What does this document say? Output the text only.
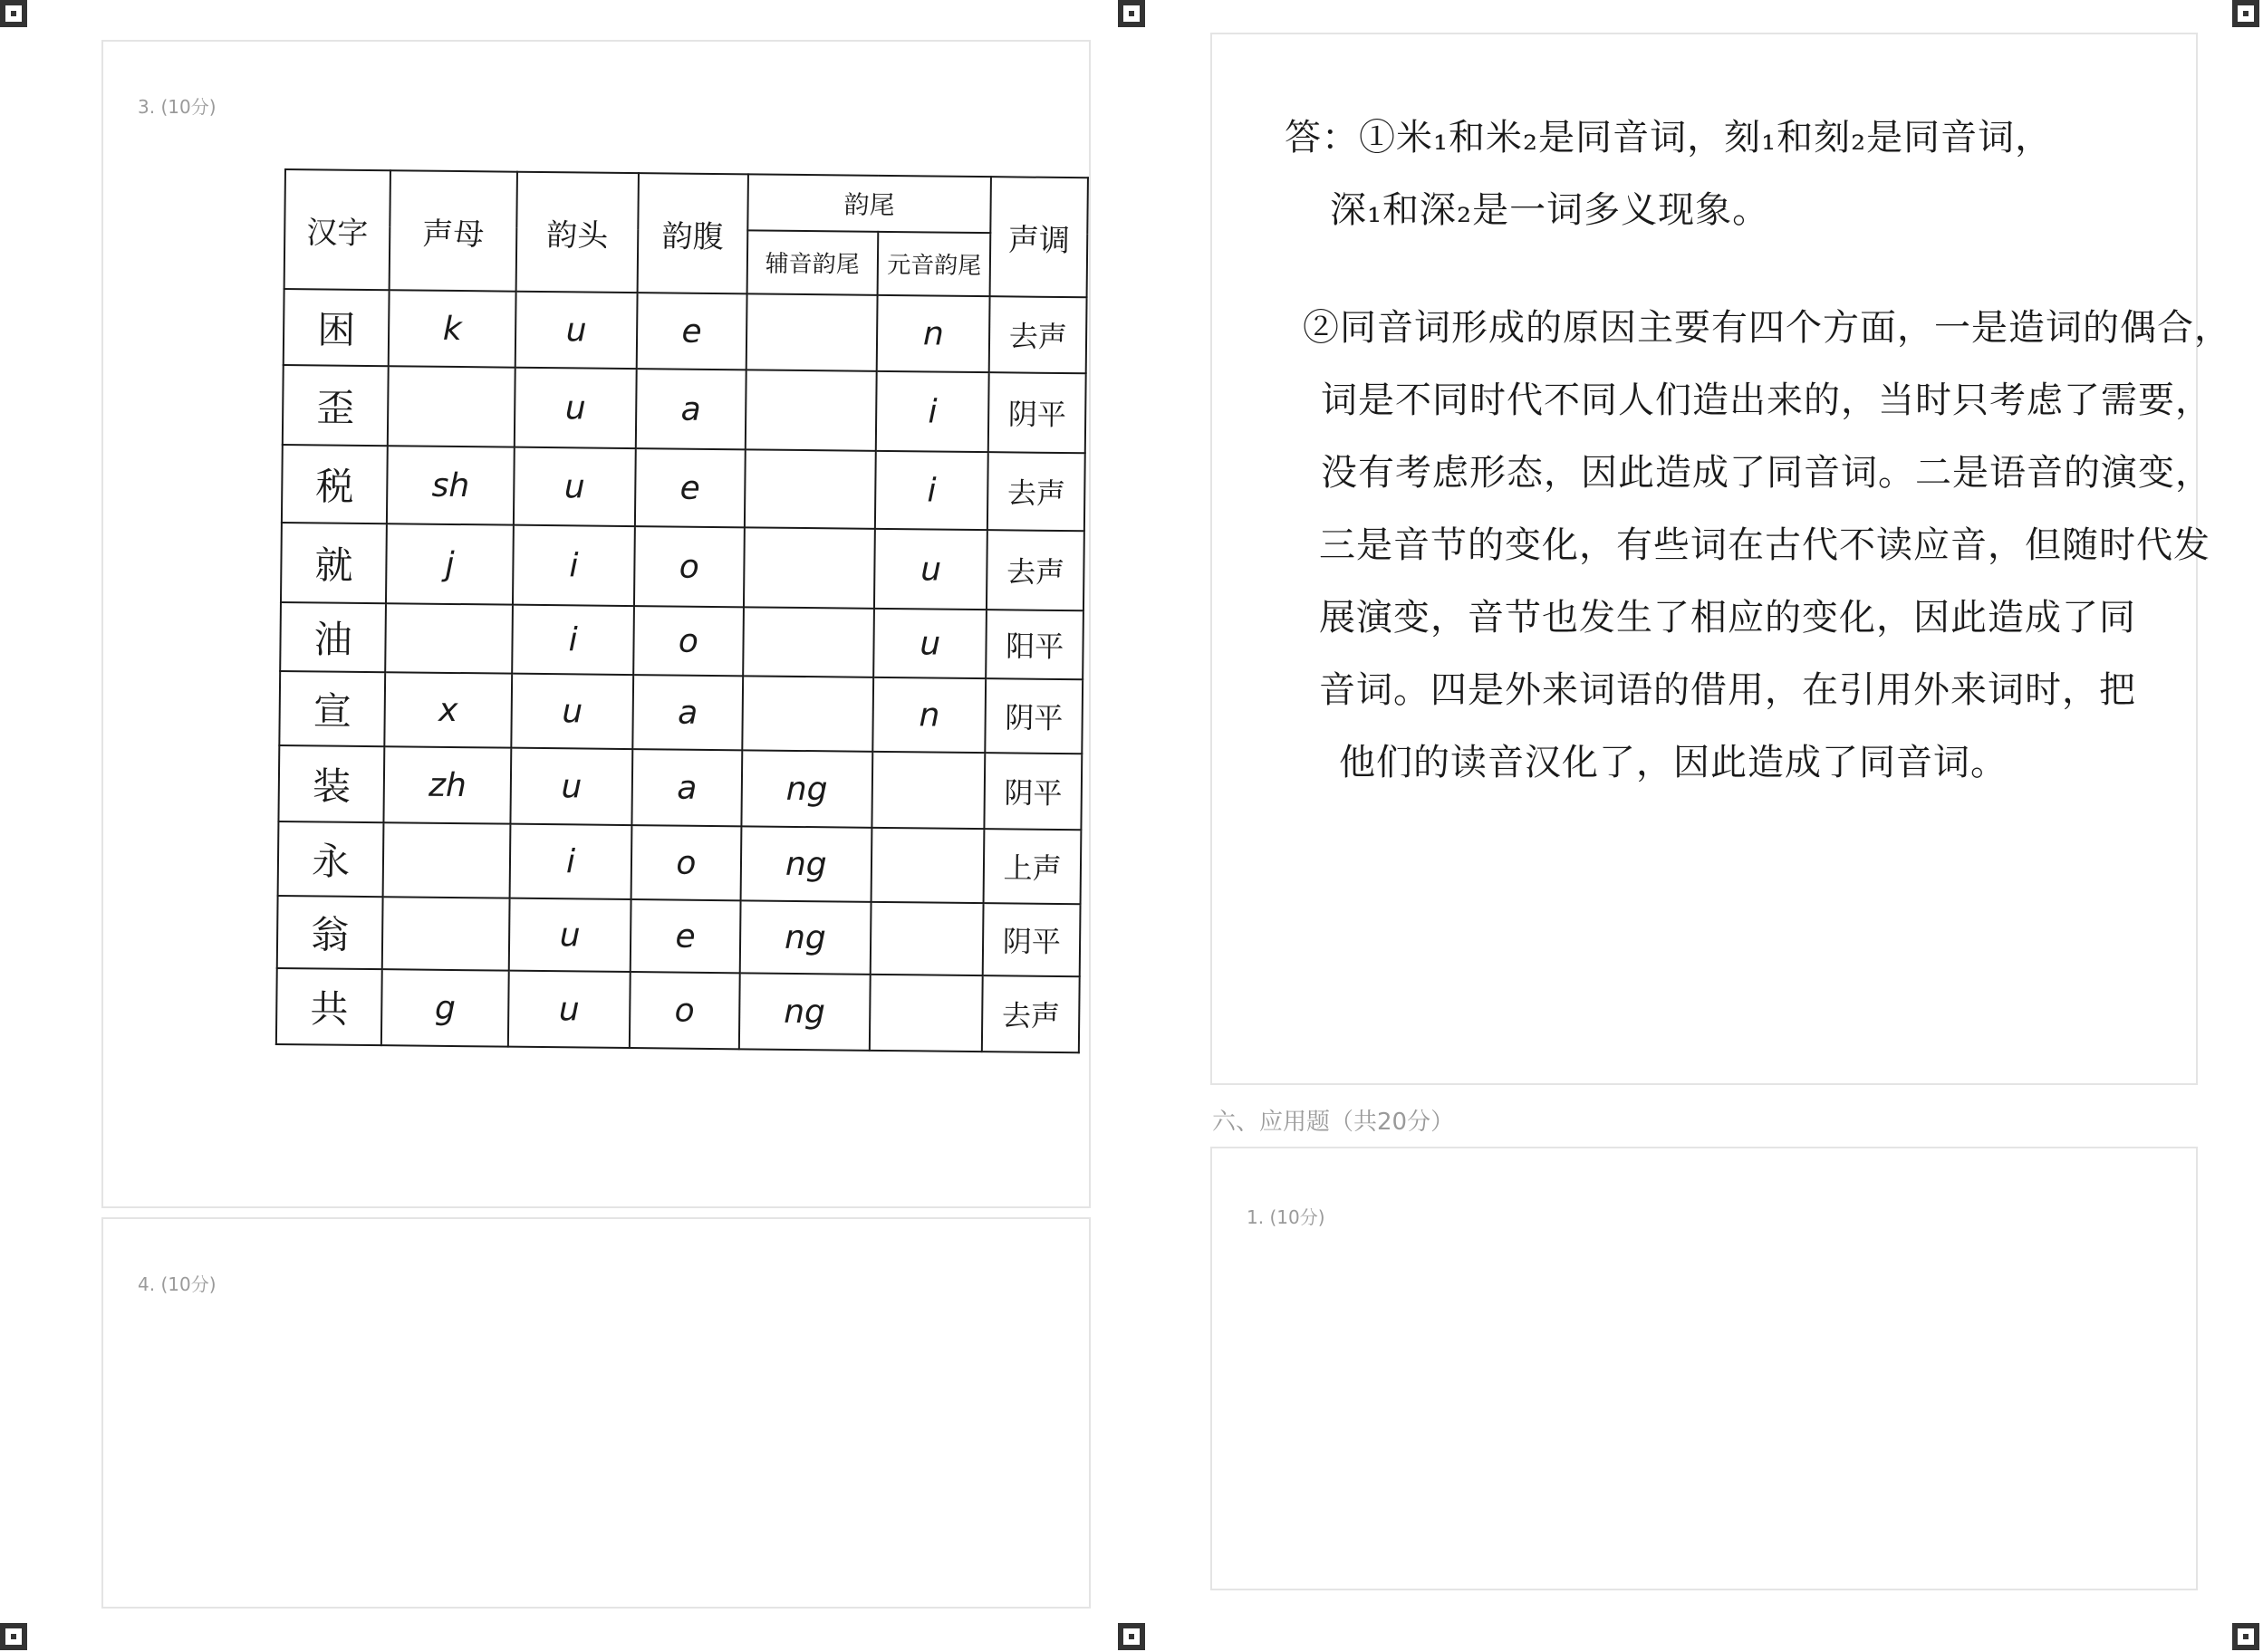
3. (10分)
汉字	声母	韵头	韵腹	韵尾		声调
				辅音韵尾	元音韵尾	
困	k	u	e		n	去声
歪		u	a		i	阴平
税	sh	u	e		i	去声
就	j	i	o		u	去声
油		i	o		u	阳平
宣	x	u	a		n	阴平
装	zh	u	a	ng		阴平
永		i	o	ng		上声
翁		u	e	ng		阴平
共	g	u	o	ng		去声
4. (10分)
答：①米₁和米₂是同音词，刻₁和刻₂是同音词，
深₁和深₂是一词多义现象。
②同音词形成的原因主要有四个方面，一是造词的偶合，
词是不同时代不同人们造出来的，当时只考虑了需要，
没有考虑形态，因此造成了同音词。二是语音的演变，
三是音节的变化，有些词在古代不读应音，但随时代发
展演变，音节也发生了相应的变化，因此造成了同
音词。四是外来词语的借用，在引用外来词时，把
他们的读音汉化了，因此造成了同音词。
六、应用题（共20分）
1. (10分)
